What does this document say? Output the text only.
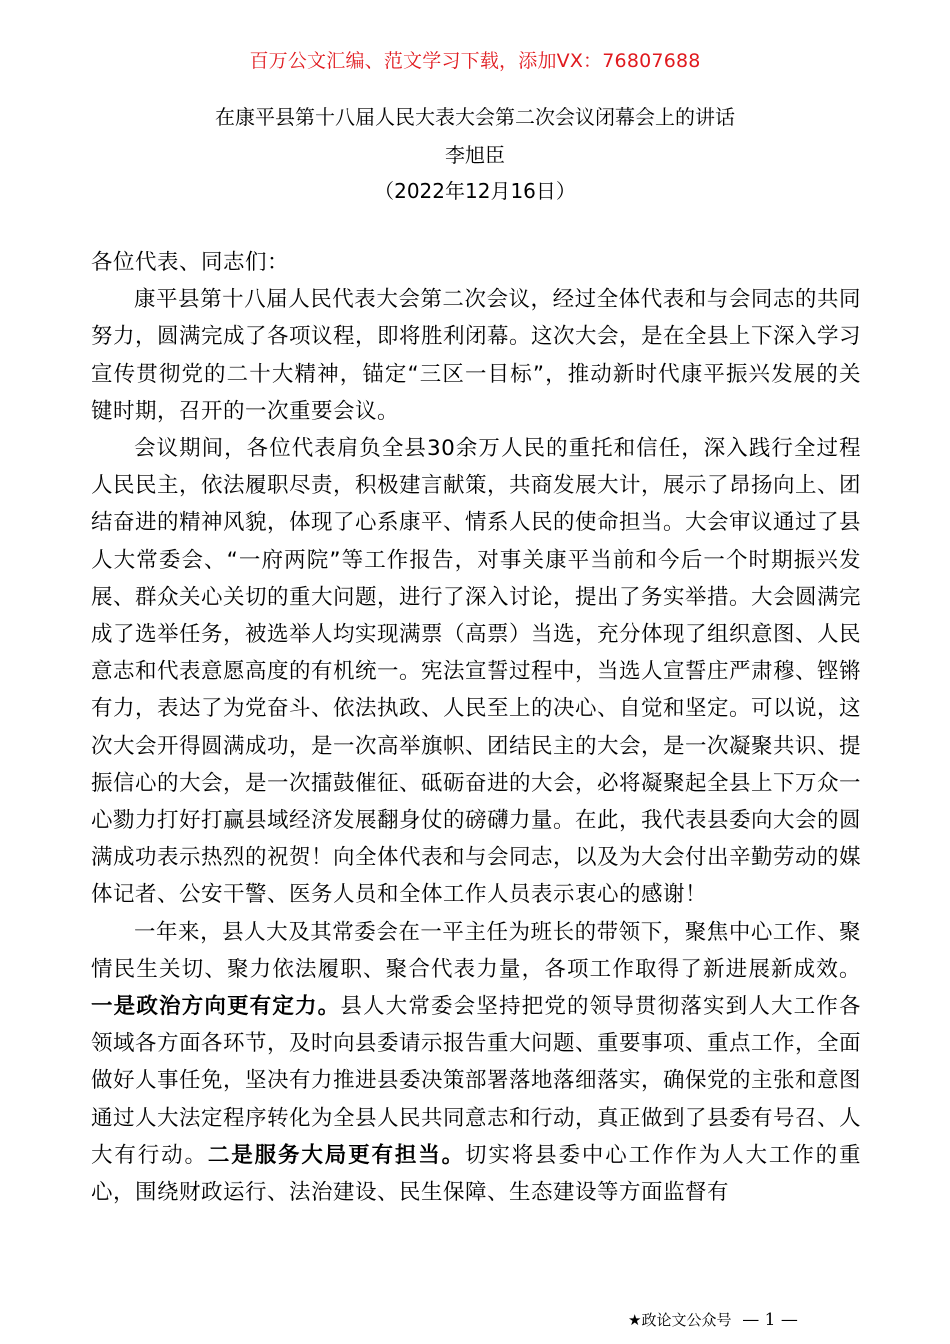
百万公文汇编、范文学习下载，添加VX：76807688
在康平县第十八届人民大表大会第二次会议闭幕会上的讲话
李旭臣
（2022年12月16日）

各位代表、同志们：

康平县第十八届人民代表大会第二次会议，经过全体代表和与会同志的共同努力，圆满完成了各项议程，即将胜利闭幕。这次大会，是在全县上下深入学习宣传贯彻党的二十大精神，锚定“三区一目标”，推动新时代康平振兴发展的关键时期，召开的一次重要会议。

会议期间，各位代表肩负全县30余万人民的重托和信任，深入践行全过程人民民主，依法履职尽责，积极建言献策，共商发展大计，展示了昂扬向上、团结奋进的精神风貌，体现了心系康平、情系人民的使命担当。大会审议通过了县人大常委会、“一府两院”等工作报告，对事关康平当前和今后一个时期振兴发展、群众关心关切的重大问题，进行了深入讨论，提出了务实举措。大会圆满完成了选举任务，被选举人均实现满票（高票）当选，充分体现了组织意图、人民意志和代表意愿高度的有机统一。宪法宣誓过程中，当选人宣誓庄严肃穆、铿锵有力，表达了为党奋斗、依法执政、人民至上的决心、自觉和坚定。可以说，这次大会开得圆满成功，是一次高举旗帜、团结民主的大会，是一次凝聚共识、提振信心的大会，是一次擂鼓催征、砥砺奋进的大会，必将凝聚起全县上下万众一心勠力打好打赢县域经济发展翻身仗的磅礴力量。在此，我代表县委向大会的圆满成功表示热烈的祝贺！向全体代表和与会同志，以及为大会付出辛勤劳动的媒体记者、公安干警、医务人员和全体工作人员表示衷心的感谢！

一年来，县人大及其常委会在一平主任为班长的带领下，聚焦中心工作、聚情民生关切、聚力依法履职、聚合代表力量，各项工作取得了新进展新成效。一是政治方向更有定力。县人大常委会坚持把党的领导贯彻落实到人大工作各领域各方面各环节，及时向县委请示报告重大问题、重要事项、重点工作，全面做好人事任免，坚决有力推进县委决策部署落地落细落实，确保党的主张和意图通过人大法定程序转化为全县人民共同意志和行动，真正做到了县委有号召、人大有行动。二是服务大局更有担当。切实将县委中心工作作为人大工作的重心，围绕财政运行、法治建设、民生保障、生态建设等方面监督有

★政论文公众号 — 1 —
